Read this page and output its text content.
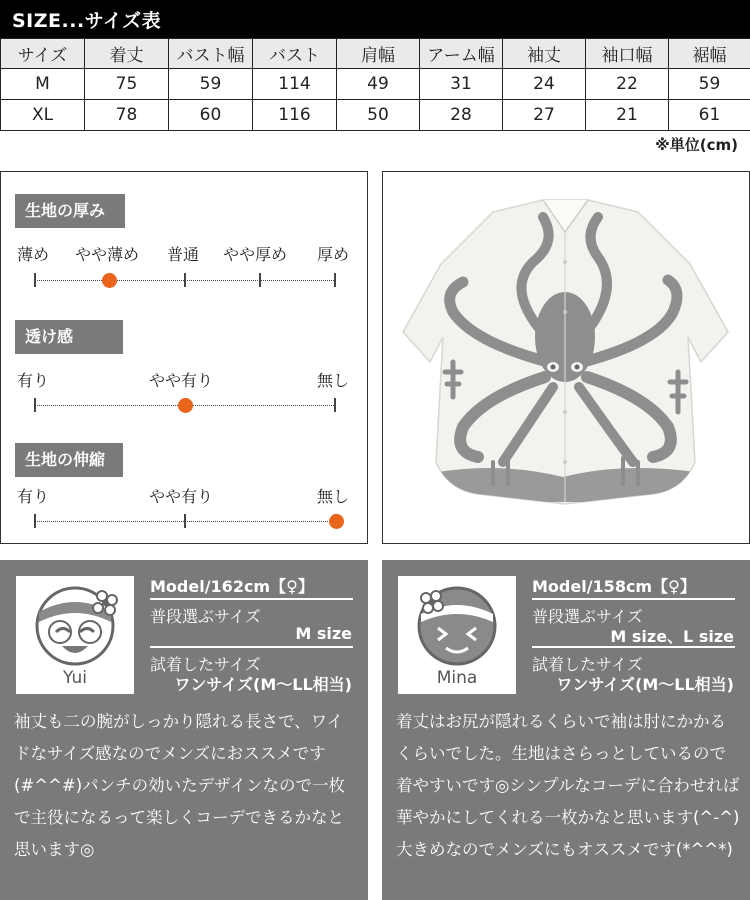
SIZE...サイズ表
サイズ	着丈	バスト幅	バスト	肩幅	アーム幅	袖丈	袖口幅	裾幅
M	75	59	114	49	31	24	22	59
XL	78	60	116	50	28	27	21	61
※単位(cm)
生地の厚み
薄め やや薄め 普通 やや厚め 厚め
透け感
有り	やや有り	無し
生地の伸縮
有り	やや有り	無し
Yui
Model/162cm【♀】
普段選ぶサイズ
M size
試着したサイズ
ワンサイズ(M〜LL相当)

袖丈も二の腕がしっかり隠れる長さで、ワイドなサイズ感なのでメンズにおススメです(#^^#)パンチの効いたデザインなので一枚で主役になるって楽しくコーデできるかなと思います◎

Mina
Model/158cm【♀】
普段選ぶサイズ
M size、L size
試着したサイズ
ワンサイズ(M〜LL相当)

着丈はお尻が隠れるくらいで袖は肘にかかるくらいでした。生地はさらっとしているので着やすいです◎シンプルなコーデに合わせれば華やかにしてくれる一枚かなと思います(^-^)大きめなのでメンズにもオススメです(*^^*)
